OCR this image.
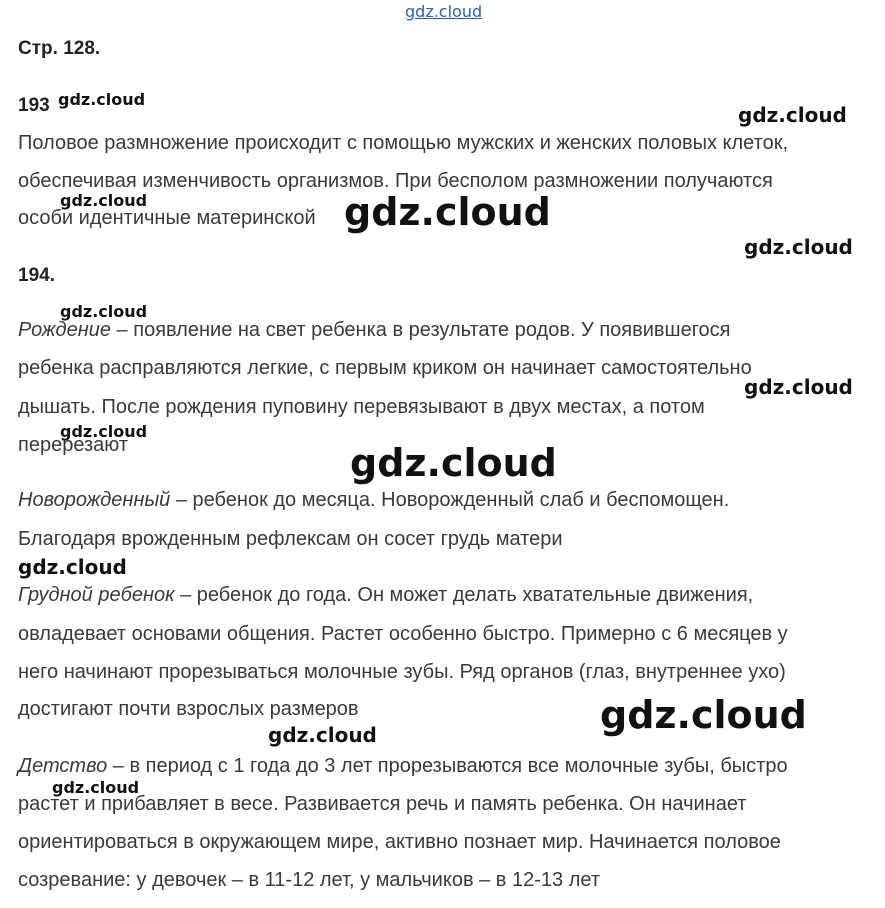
gdz.cloud
Стр. 128.
193
Половое размножение происходит с помощью мужских и женских половых клеток,
обеспечивая изменчивость организмов. При бесполом размножении получаются
особи идентичные материнской
194.
Рождение – появление на свет ребенка в результате родов. У появившегося
ребенка расправляются легкие, с первым криком он начинает самостоятельно
дышать. После рождения пуповину перевязывают в двух местах, а потом
перерезают
Новорожденный – ребенок до месяца. Новорожденный слаб и беспомощен.
Благодаря врожденным рефлексам он сосет грудь матери
Грудной ребенок – ребенок до года. Он может делать хватательные движения,
овладевает основами общения. Растет особенно быстро. Примерно с 6 месяцев у
него начинают прорезываться молочные зубы. Ряд органов (глаз, внутреннее ухо)
достигают почти взрослых размеров
Детство – в период с 1 года до 3 лет прорезываются все молочные зубы, быстро
растет и прибавляет в весе. Развивается речь и память ребенка. Он начинает
ориентироваться в окружающем мире, активно познает мир. Начинается половое
созревание: у девочек – в 11-12 лет, у мальчиков – в 12-13 лет
gdz.cloud
gdz.cloud
gdz.cloud	gdz.cloud
gdz.cloud
gdz.cloud
gdz.cloud
gdz.cloud
gdz.cloud
gdz.cloud
gdz.cloud
gdz.cloud
gdz.cloud
